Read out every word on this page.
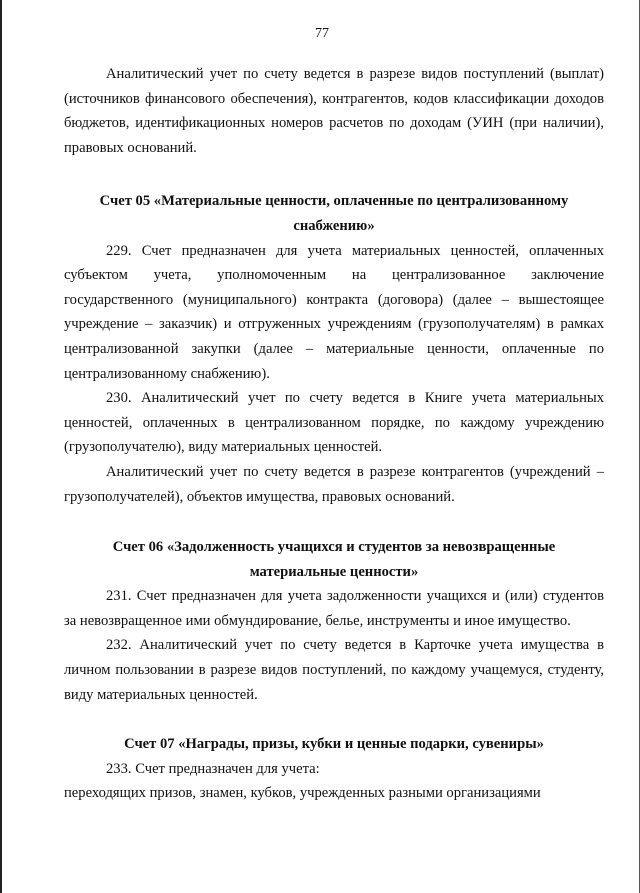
77

Аналитический учет по счету ведется в разрезе видов поступлений (выплат) (источников финансового обеспечения), контрагентов, кодов классификации доходов бюджетов, идентификационных номеров расчетов по доходам (УИН (при наличии), правовых оснований.

Счет 05 «Материальные ценности, оплаченные по централизованному снабжению»

229. Счет предназначен для учета материальных ценностей, оплаченных субъектом учета, уполномоченным на централизованное заключение государственного (муниципального) контракта (договора) (далее – вышестоящее учреждение – заказчик) и отгруженных учреждениям (грузополучателям) в рамках централизованной закупки (далее – материальные ценности, оплаченные по централизованному снабжению).

230. Аналитический учет по счету ведется в Книге учета материальных ценностей, оплаченных в централизованном порядке, по каждому учреждению (грузополучателю), виду материальных ценностей.

Аналитический учет по счету ведется в разрезе контрагентов (учреждений – грузополучателей), объектов имущества, правовых оснований.

Счет 06 «Задолженность учащихся и студентов за невозвращенные материальные ценности»

231. Счет предназначен для учета задолженности учащихся и (или) студентов за невозвращенное ими обмундирование, белье, инструменты и иное имущество.

232. Аналитический учет по счету ведется в Карточке учета имущества в личном пользовании в разрезе видов поступлений, по каждому учащемуся, студенту, виду материальных ценностей.

Счет 07 «Награды, призы, кубки и ценные подарки, сувениры»

233. Счет предназначен для учета:

переходящих призов, знамен, кубков, учрежденных разными организациями
